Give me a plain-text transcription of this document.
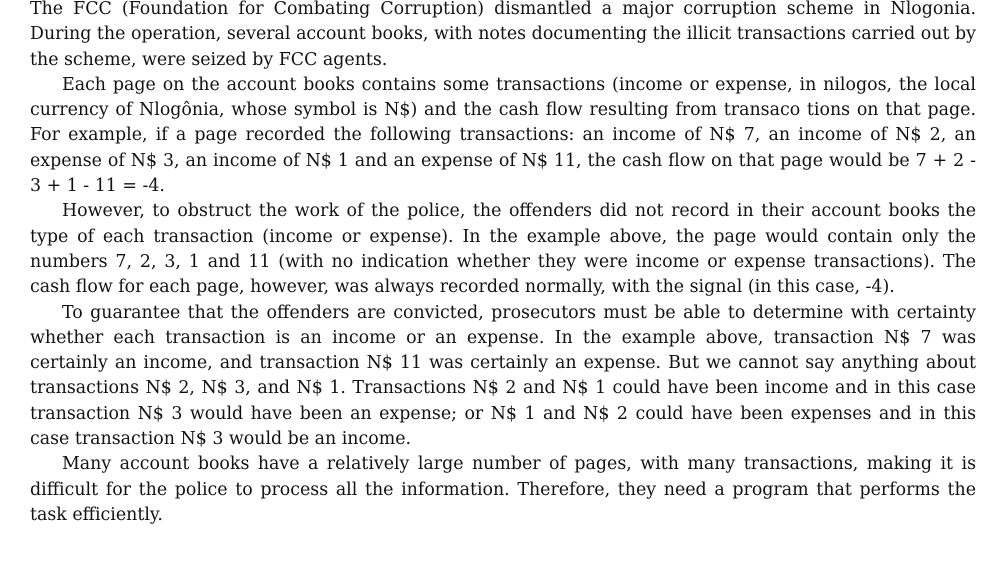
The FCC (Foundation for Combating Corruption) dismantled a major corruption scheme in Nlogonia. During the operation, several account books, with notes documenting the illicit transactions carried out by the scheme, were seized by FCC agents.

Each page on the account books contains some transactions (income or expense, in nilogos, the local currency of Nlogônia, whose symbol is N$) and the cash flow resulting from transaco tions on that page. For example, if a page recorded the following transactions: an income of N$ 7, an income of N$ 2, an expense of N$ 3, an income of N$ 1 and an expense of N$ 11, the cash flow on that page would be 7 + 2 - 3 + 1 - 11 = -4.

However, to obstruct the work of the police, the offenders did not record in their account books the type of each transaction (income or expense). In the example above, the page would contain only the numbers 7, 2, 3, 1 and 11 (with no indication whether they were income or expense transactions). The cash flow for each page, however, was always recorded normally, with the signal (in this case, -4).

To guarantee that the offenders are convicted, prosecutors must be able to determine with certainty whether each transaction is an income or an expense. In the example above, transaction N$ 7 was certainly an income, and transaction N$ 11 was certainly an expense. But we cannot say anything about transactions N$ 2, N$ 3, and N$ 1. Transactions N$ 2 and N$ 1 could have been income and in this case transaction N$ 3 would have been an expense; or N$ 1 and N$ 2 could have been expenses and in this case transaction N$ 3 would be an income.

Many account books have a relatively large number of pages, with many transactions, making it is difficult for the police to process all the information. Therefore, they need a program that performs the task efficiently.
